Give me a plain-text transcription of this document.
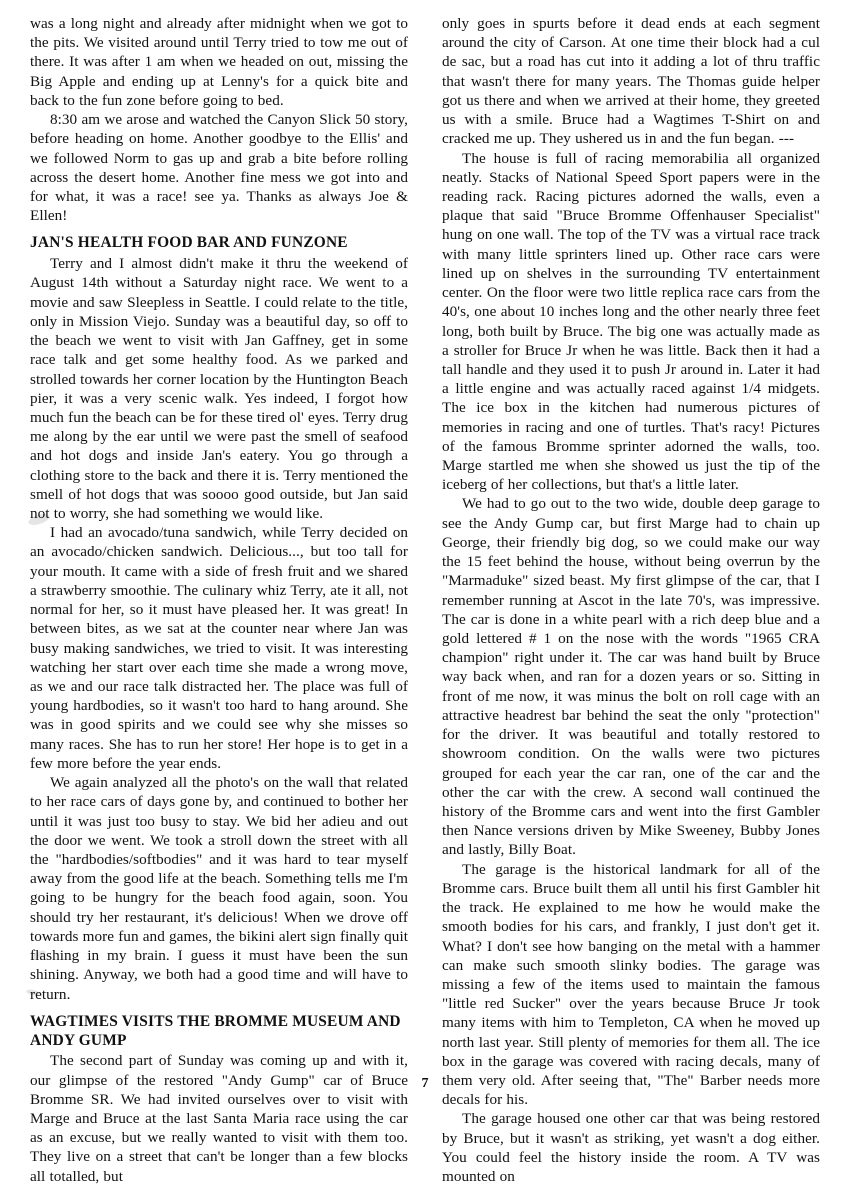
was a long night and already after midnight when we got to the pits. We visited around until Terry tried to tow me out of there. It was after 1 am when we headed on out, missing the Big Apple and ending up at Lenny's for a quick bite and back to the fun zone before going to bed.

8:30 am we arose and watched the Canyon Slick 50 story, before heading on home. Another goodbye to the Ellis' and we followed Norm to gas up and grab a bite before rolling across the desert home. Another fine mess we got into and for what, it was a race! see ya. Thanks as always Joe & Ellen!

JAN'S HEALTH FOOD BAR AND FUNZONE

Terry and I almost didn't make it thru the weekend of August 14th without a Saturday night race. We went to a movie and saw Sleepless in Seattle. I could relate to the title, only in Mission Viejo. Sunday was a beautiful day, so off to the beach we went to visit with Jan Gaffney, get in some race talk and get some healthy food. As we parked and strolled towards her corner location by the Huntington Beach pier, it was a very scenic walk. Yes indeed, I forgot how much fun the beach can be for these tired ol' eyes. Terry drug me along by the ear until we were past the smell of seafood and hot dogs and inside Jan's eatery. You go through a clothing store to the back and there it is. Terry mentioned the smell of hot dogs that was soooo good outside, but Jan said not to worry, she had something we would like.

I had an avocado/tuna sandwich, while Terry decided on an avocado/chicken sandwich. Delicious..., but too tall for your mouth. It came with a side of fresh fruit and we shared a strawberry smoothie. The culinary whiz Terry, ate it all, not normal for her, so it must have pleased her. It was great! In between bites, as we sat at the counter near where Jan was busy making sandwiches, we tried to visit. It was interesting watching her start over each time she made a wrong move, as we and our race talk distracted her. The place was full of young hardbodies, so it wasn't too hard to hang around. She was in good spirits and we could see why she misses so many races. She has to run her store! Her hope is to get in a few more before the year ends.

We again analyzed all the photo's on the wall that related to her race cars of days gone by, and continued to bother her until it was just too busy to stay. We bid her adieu and out the door we went. We took a stroll down the street with all the "hardbodies/softbodies" and it was hard to tear myself away from the good life at the beach. Something tells me I'm going to be hungry for the beach food again, soon. You should try her restaurant, it's delicious! When we drove off towards more fun and games, the bikini alert sign finally quit flashing in my brain. I guess it must have been the sun shining. Anyway, we both had a good time and will have to return.

WAGTIMES VISITS THE BROMME MUSEUM AND ANDY GUMP

The second part of Sunday was coming up and with it, our glimpse of the restored "Andy Gump" car of Bruce Bromme SR. We had invited ourselves over to visit with Marge and Bruce at the last Santa Maria race using the car as an excuse, but we really wanted to visit with them too. They live on a street that can't be longer than a few blocks all totalled, but

only goes in spurts before it dead ends at each segment around the city of Carson. At one time their block had a cul de sac, but a road has cut into it adding a lot of thru traffic that wasn't there for many years. The Thomas guide helper got us there and when we arrived at their home, they greeted us with a smile. Bruce had a Wagtimes T-Shirt on and cracked me up. They ushered us in and the fun began. ---

The house is full of racing memorabilia all organized neatly. Stacks of National Speed Sport papers were in the reading rack. Racing pictures adorned the walls, even a plaque that said "Bruce Bromme Offenhauser Specialist" hung on one wall. The top of the TV was a virtual race track with many little sprinters lined up. Other race cars were lined up on shelves in the surrounding TV entertainment center. On the floor were two little replica race cars from the 40's, one about 10 inches long and the other nearly three feet long, both built by Bruce. The big one was actually made as a stroller for Bruce Jr when he was little. Back then it had a tall handle and they used it to push Jr around in. Later it had a little engine and was actually raced against 1/4 midgets. The ice box in the kitchen had numerous pictures of memories in racing and one of turtles. That's racy! Pictures of the famous Bromme sprinter adorned the walls, too. Marge startled me when she showed us just the tip of the iceberg of her collections, but that's a little later.

We had to go out to the two wide, double deep garage to see the Andy Gump car, but first Marge had to chain up George, their friendly big dog, so we could make our way the 15 feet behind the house, without being overrun by the "Marmaduke" sized beast. My first glimpse of the car, that I remember running at Ascot in the late 70's, was impressive. The car is done in a white pearl with a rich deep blue and a gold lettered # 1 on the nose with the words "1965 CRA champion" right under it. The car was hand built by Bruce way back when, and ran for a dozen years or so. Sitting in front of me now, it was minus the bolt on roll cage with an attractive headrest bar behind the seat the only "protection" for the driver. It was beautiful and totally restored to showroom condition. On the walls were two pictures grouped for each year the car ran, one of the car and the other the car with the crew. A second wall continued the history of the Bromme cars and went into the first Gambler then Nance versions driven by Mike Sweeney, Bubby Jones and lastly, Billy Boat.

The garage is the historical landmark for all of the Bromme cars. Bruce built them all until his first Gambler hit the track. He explained to me how he would make the smooth bodies for his cars, and frankly, I just don't get it. What? I don't see how banging on the metal with a hammer can make such smooth slinky bodies. The garage was missing a few of the items used to maintain the famous "little red Sucker" over the years because Bruce Jr took many items with him to Templeton, CA when he moved up north last year. Still plenty of memories for them all. The ice box in the garage was covered with racing decals, many of them very old. After seeing that, "The" Barber needs more decals for his.

The garage housed one other car that was being restored by Bruce, but it wasn't as striking, yet wasn't a dog either. You could feel the history inside the room. A TV was mounted on

7
